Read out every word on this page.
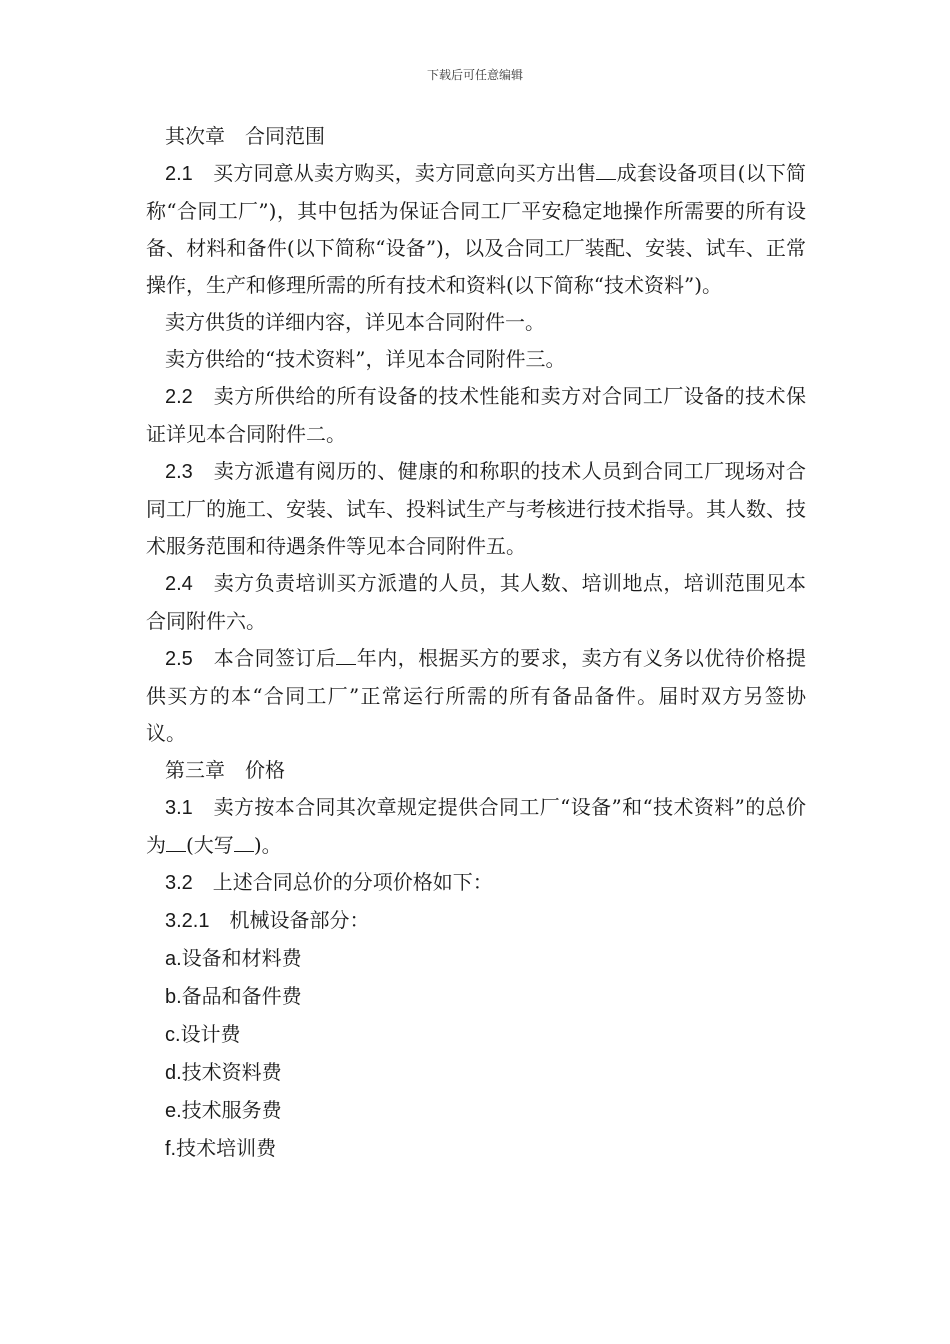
下载后可任意编辑

其次章　合同范围

2.1　买方同意从卖方购买，卖方同意向买方出售 成套设备项目(以下简称“合同工厂”)，其中包括为保证合同工厂平安稳定地操作所需要的所有设备、材料和备件(以下简称“设备”)，以及合同工厂装配、安装、试车、正常操作，生产和修理所需的所有技术和资料(以下简称“技术资料”)。

卖方供货的详细内容，详见本合同附件一。

卖方供给的“技术资料”，详见本合同附件三。

2.2　卖方所供给的所有设备的技术性能和卖方对合同工厂设备的技术保证详见本合同附件二。

2.3　卖方派遣有阅历的、健康的和称职的技术人员到合同工厂现场对合同工厂的施工、安装、试车、投料试生产与考核进行技术指导。其人数、技术服务范围和待遇条件等见本合同附件五。

2.4　卖方负责培训买方派遣的人员，其人数、培训地点，培训范围见本合同附件六。

2.5　本合同签订后 年内，根据买方的要求，卖方有义务以优待价格提供买方的本“合同工厂”正常运行所需的所有备品备件。届时双方另签协议。

第三章　价格

3.1　卖方按本合同其次章规定提供合同工厂“设备”和“技术资料”的总价为 (大写 )。

3.2　上述合同总价的分项价格如下：

3.2.1　机械设备部分：

a.设备和材料费

b.备品和备件费

c.设计费

d.技术资料费

e.技术服务费

f.技术培训费
